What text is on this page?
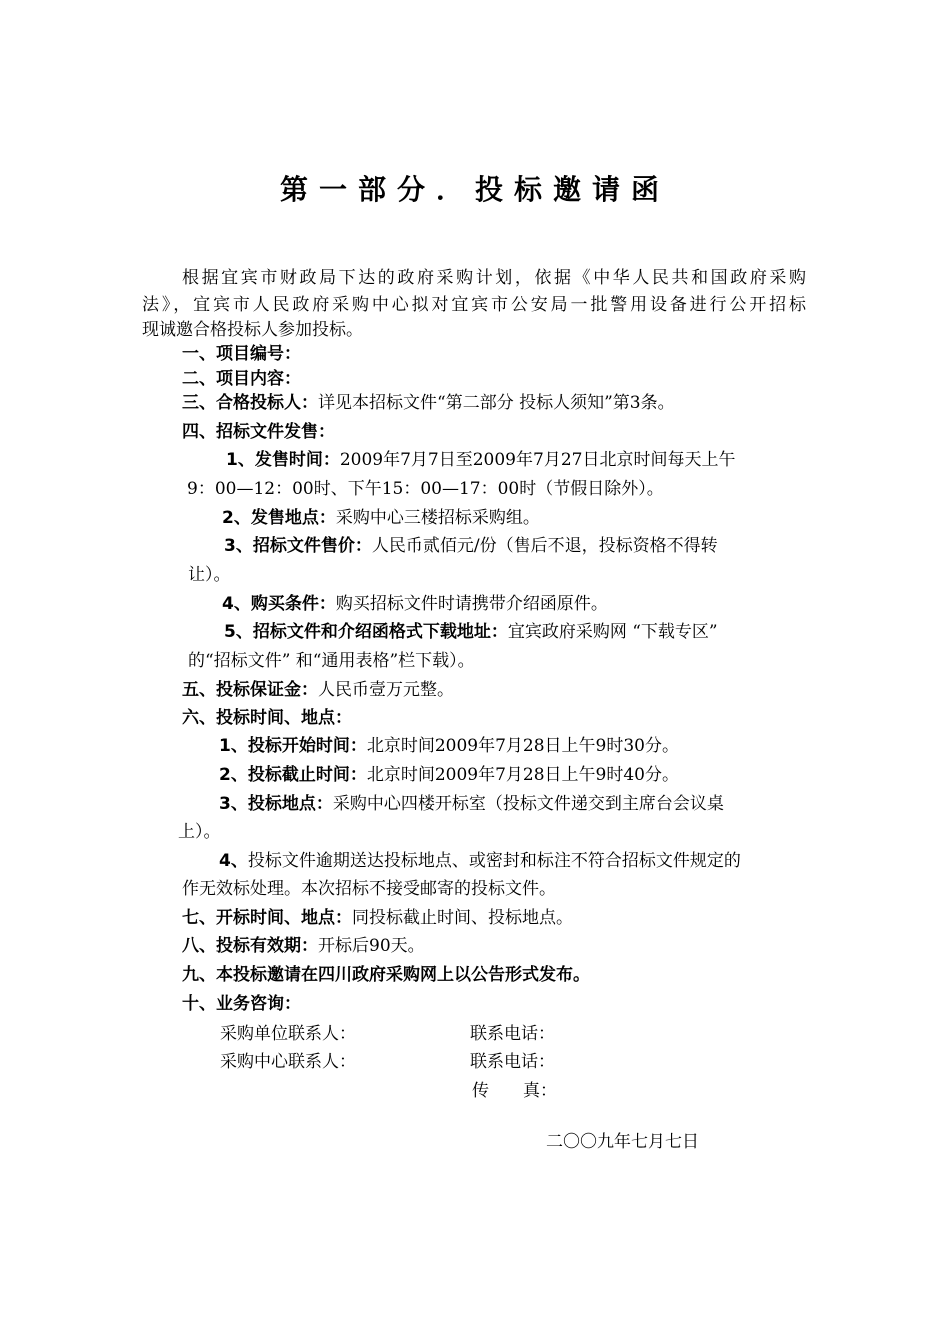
第一部分．投标邀请函
根据宜宾市财政局下达的政府采购计划，依据《中华人民共和国政府采购
法》，宜宾市人民政府采购中心拟对宜宾市公安局一批警用设备进行公开招标
现诚邀合格投标人参加投标。
一、项目编号：
二、项目内容：
三、合格投标人：详见本招标文件“第二部分 投标人须知”第3条。
四、招标文件发售：
1、发售时间：2009年7月7日至2009年7月27日北京时间每天上午
9：00—12：00时、下午15：00—17：00时（节假日除外）。
2、发售地点：采购中心三楼招标采购组。
3、招标文件售价：人民币贰佰元/份（售后不退，投标资格不得转
让）。
4、购买条件：购买招标文件时请携带介绍函原件。
5、招标文件和介绍函格式下载地址：宜宾政府采购网 “下载专区”
的“招标文件” 和“通用表格”栏下载）。
五、投标保证金：人民币壹万元整。
六、投标时间、地点：
1、投标开始时间：北京时间2009年7月28日上午9时30分。
2、投标截止时间：北京时间2009年7月28日上午9时40分。
3、投标地点：采购中心四楼开标室（投标文件递交到主席台会议桌
上）。
4、投标文件逾期送达投标地点、或密封和标注不符合招标文件规定的
作无效标处理。本次招标不接受邮寄的投标文件。
七、开标时间、地点：同投标截止时间、投标地点。
八、投标有效期：开标后90天。
九、本投标邀请在四川政府采购网上以公告形式发布。
十、业务咨询：
采购单位联系人：	联系电话：
采购中心联系人：	联系电话：
传　　真：
二〇〇九年七月七日
